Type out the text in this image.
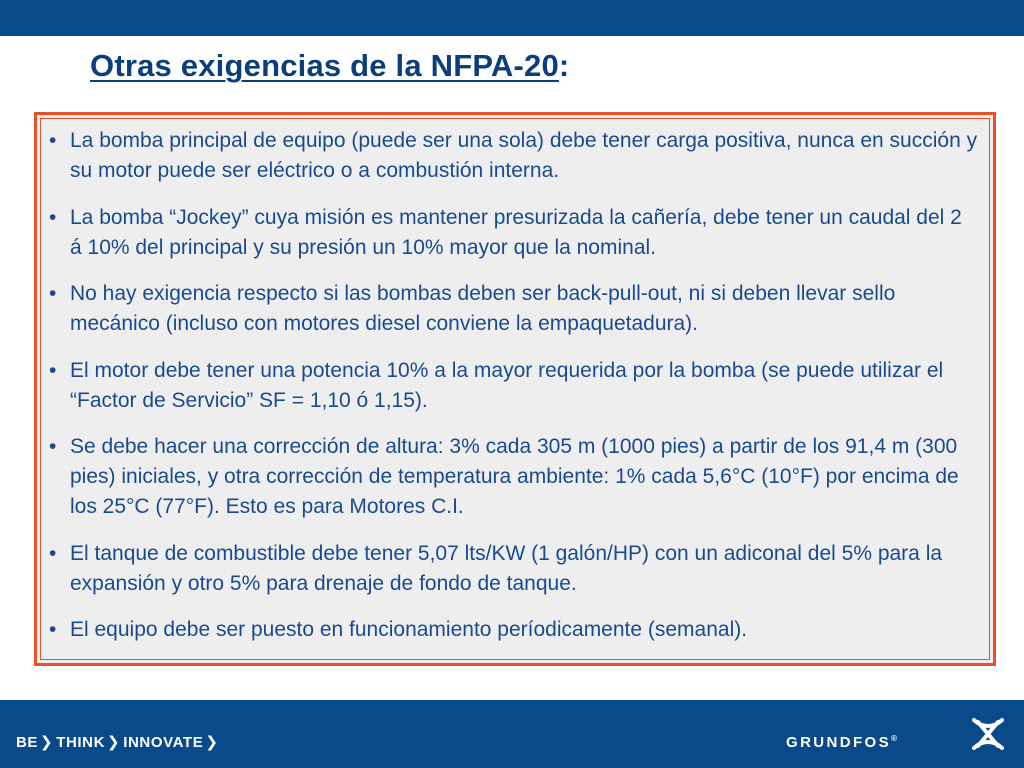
Otras exigencias de la NFPA-20:
• La bomba principal de equipo (puede ser una sola) debe tener carga positiva, nunca en succión y su motor puede ser eléctrico o a combustión interna.
• La bomba “Jockey” cuya misión es mantener presurizada la cañería, debe tener un caudal del 2 á 10% del principal y su presión un 10% mayor que la nominal.
• No hay exigencia respecto si las bombas deben ser back-pull-out, ni si deben llevar sello mecánico (incluso con motores diesel conviene la empaquetadura).
• El motor debe tener una potencia 10% a la mayor requerida por la bomba (se puede utilizar el “Factor de Servicio” SF = 1,10 ó 1,15).
• Se debe hacer una corrección de altura: 3% cada 305 m (1000 pies) a partir de los 91,4 m (300 pies) iniciales, y otra corrección de temperatura ambiente: 1% cada 5,6°C (10°F) por encima de los 25°C (77°F). Esto es para Motores C.I.
• El tanque de combustible debe tener 5,07 lts/KW (1 galón/HP) con un adiconal del 5% para la expansión y otro 5% para drenaje de fondo de tanque.
• El equipo debe ser puesto en funcionamiento períodicamente (semanal).

BE ❯ THINK ❯ INNOVATE ❯	GRUNDFOS®
